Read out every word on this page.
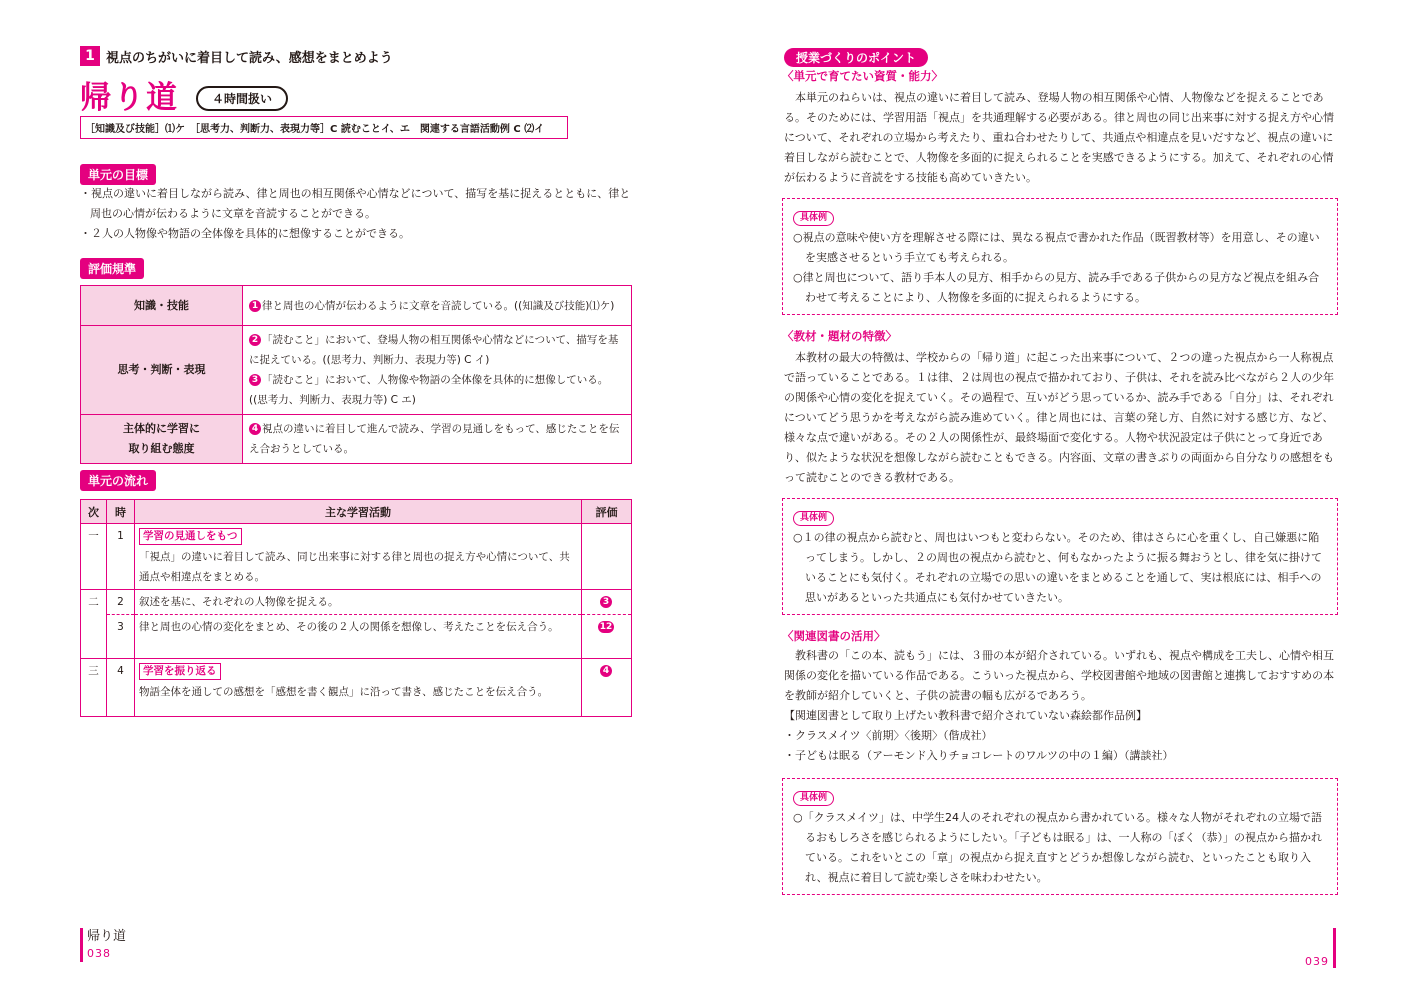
1 視点のちがいに着目して読み、感想をまとめよう
帰り道	４時間扱い
［知識及び技能］⑴ケ　［思考力、判断力、表現力等］C 読むことイ、エ　関連する言語活動例 C ⑵イ
単元の目標
・視点の違いに着目しながら読み、律と周也の相互関係や心情などについて、描写を基に捉えるとともに、律と周也の心情が伝わるように文章を音読することができる。
・２人の人物像や物語の全体像を具体的に想像することができる。
評価規準
知識・技能	1 律と周也の心情が伝わるように文章を音読している。((知識及び技能)⑴ケ)
思考・判断・表現	2 「読むこと」において、登場人物の相互関係や心情などについて、描写を基に捉えている。((思考力、判断力、表現力等) C イ)
3 「読むこと」において、人物像や物語の全体像を具体的に想像している。((思考力、判断力、表現力等) C エ)

主体的に学習に
取り組む態度	4 視点の違いに着目して進んで読み、学習の見通しをもって、感じたことを伝え合おうとしている。
単元の流れ
次	時	主な学習活動	評価
一	1	学習の見通しをもつ
「視点」の違いに着目して読み、同じ出来事に対する律と周也の捉え方や心情について、共通点や相違点をまとめる。	

二	2	叙述を基に、それぞれの人物像を捉える。	3
	3	律と周也の心情の変化をまとめ、その後の２人の関係を想像し、考えたことを伝え合う。	12
三	4	学習を振り返る
物語全体を通しての感想を「感想を書く観点」に沿って書き、感じたことを伝え合う。	4
帰り道
038
授業づくりのポイント
〈単元で育てたい資質・能力〉
本単元のねらいは、視点の違いに着目して読み、登場人物の相互関係や心情、人物像などを捉えることである。そのためには、学習用語「視点」を共通理解する必要がある。律と周也の同じ出来事に対する捉え方や心情について、それぞれの立場から考えたり、重ね合わせたりして、共通点や相違点を見いだすなど、視点の違いに着目しながら読むことで、人物像を多面的に捉えられることを実感できるようにする。加えて、それぞれの心情が伝わるように音読をする技能も高めていきたい。
具体例
○視点の意味や使い方を理解させる際には、異なる視点で書かれた作品（既習教材等）を用意し、その違いを実感させるという手立ても考えられる。
○律と周也について、語り手本人の見方、相手からの見方、読み手である子供からの見方など視点を組み合わせて考えることにより、人物像を多面的に捉えられるようにする。
〈教材・題材の特徴〉
本教材の最大の特徴は、学校からの「帰り道」に起こった出来事について、２つの違った視点から一人称視点で語っていることである。１は律、２は周也の視点で描かれており、子供は、それを読み比べながら２人の少年の関係や心情の変化を捉えていく。その過程で、互いがどう思っているか、読み手である「自分」は、それぞれについてどう思うかを考えながら読み進めていく。律と周也には、言葉の発し方、自然に対する感じ方、など、様々な点で違いがある。その２人の関係性が、最終場面で変化する。人物や状況設定は子供にとって身近であり、似たような状況を想像しながら読むこともできる。内容面、文章の書きぶりの両面から自分なりの感想をもって読むことのできる教材である。
具体例
○１の律の視点から読むと、周也はいつもと変わらない。そのため、律はさらに心を重くし、自己嫌悪に陥ってしまう。しかし、２の周也の視点から読むと、何もなかったように振る舞おうとし、律を気に掛けていることにも気付く。それぞれの立場での思いの違いをまとめることを通して、実は根底には、相手への思いがあるといった共通点にも気付かせていきたい。
〈関連図書の活用〉
教科書の「この本、読もう」には、３冊の本が紹介されている。いずれも、視点や構成を工夫し、心情や相互関係の変化を描いている作品である。こういった視点から、学校図書館や地域の図書館と連携しておすすめの本を教師が紹介していくと、子供の読書の幅も広がるであろう。
【関連図書として取り上げたい教科書で紹介されていない森絵都作品例】
・クラスメイツ〈前期〉〈後期〉（偕成社）
・子どもは眠る（アーモンド入りチョコレートのワルツの中の１編）（講談社）
具体例
○「クラスメイツ」は、中学生24人のそれぞれの視点から書かれている。様々な人物がそれぞれの立場で語るおもしろさを感じられるようにしたい。「子どもは眠る」は、一人称の「ぼく（恭）」の視点から描かれている。これをいとこの「章」の視点から捉え直すとどうか想像しながら読む、といったことも取り入れ、視点に着目して読む楽しさを味わわせたい。
039
